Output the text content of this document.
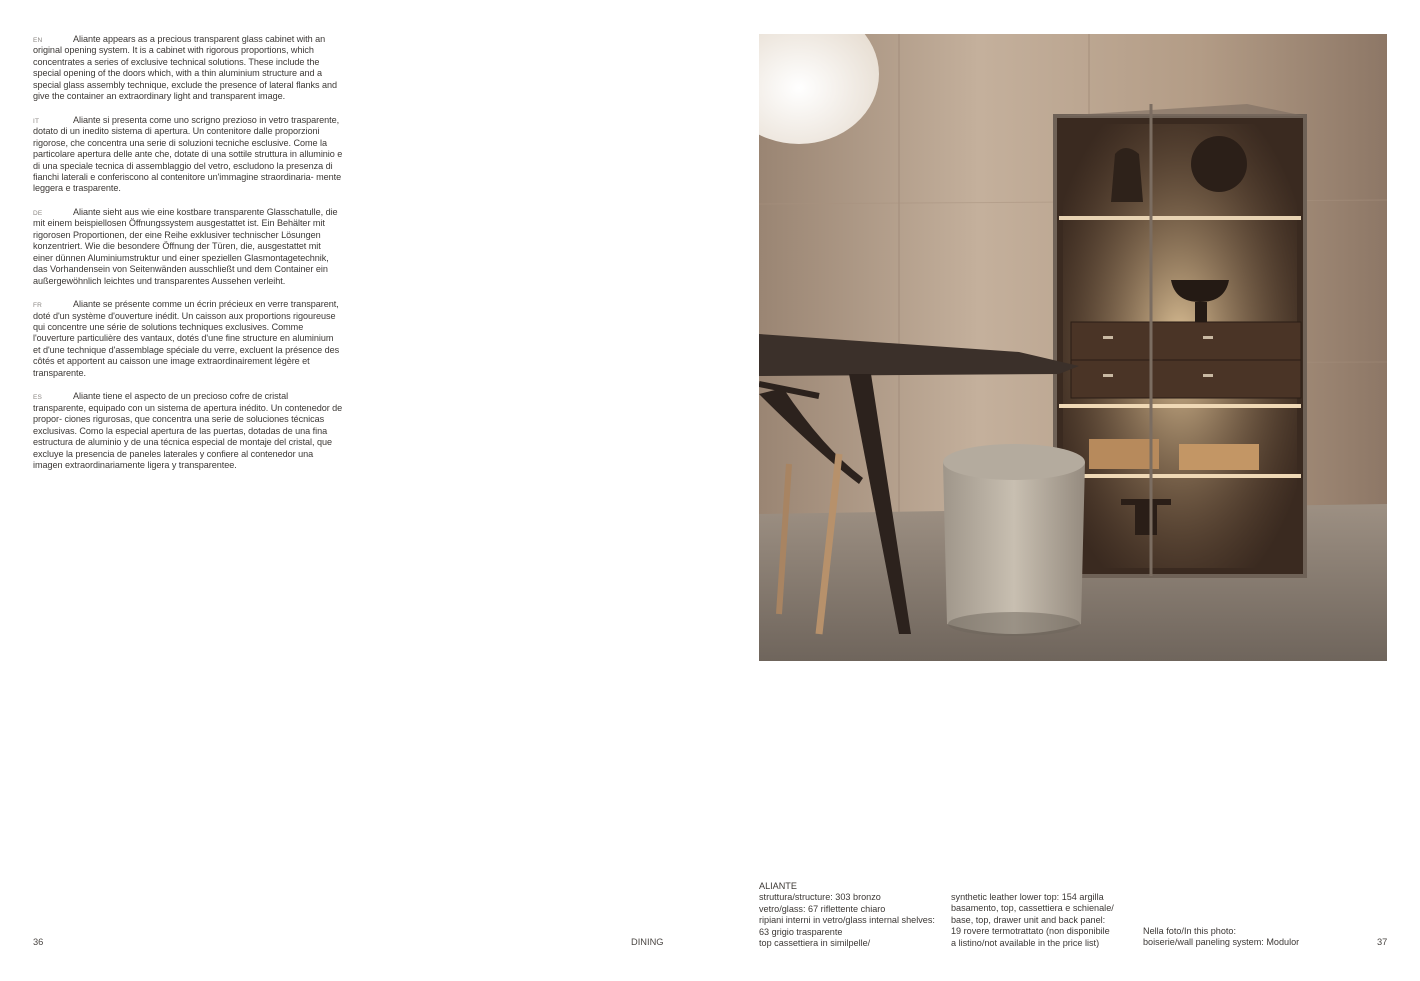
EN	Aliante appears as a precious transparent glass cabinet with an original opening system. It is a cabinet with rigorous proportions, which concentrates a series of exclusive technical solutions. These include the special opening of the doors which, with a thin aluminium structure and a special glass assembly technique, exclude the presence of lateral flanks and give the container an extraordinary light and transparent image.

IT	Aliante si presenta come uno scrigno prezioso in vetro trasparente, dotato di un inedito sistema di apertura. Un contenitore dalle proporzioni rigorose, che concentra una serie di soluzioni tecniche esclusive. Come la particolare apertura delle ante che, dotate di una sottile struttura in alluminio e di una speciale tecnica di assemblaggio del vetro, escludono la presenza di fianchi laterali e conferiscono al contenitore un'immagine straordinaria- mente leggera e trasparente.

DE	Aliante sieht aus wie eine kostbare transparente Glasschatulle, die mit einem beispiellosen Öffnungssystem ausgestattet ist. Ein Behälter mit rigorosen Proportionen, der eine Reihe exklusiver technischer Lösungen konzentriert. Wie die besondere Öffnung der Türen, die, ausgestattet mit einer dünnen Aluminiumstruktur und einer speziellen Glasmontagetechnik, das Vorhandensein von Seitenwänden ausschließt und dem Container ein außergewöhnlich leichtes und transparentes Aussehen verleiht.

FR	Aliante se présente comme un écrin précieux en verre transparent, doté d'un système d'ouverture inédit. Un caisson aux proportions rigoureuse qui concentre une série de solutions techniques exclusives. Comme l'ouverture particulière des vantaux, dotés d'une fine structure en aluminium et d'une technique d'assemblage spéciale du verre, excluent la présence des côtés et apportent au caisson une image extraordinairement légère et transparente.

ES	Aliante tiene el aspecto de un precioso cofre de cristal transparente, equipado con un sistema de apertura inédito. Un contenedor de propor- ciones rigurosas, que concentra una serie de soluciones técnicas exclusivas. Como la especial apertura de las puertas, dotadas de una fina estructura de aluminio y de una técnica especial de montaje del cristal, que excluye la presencia de paneles laterales y confiere al contenedor una imagen extraordinariamente ligera y transparentee.

36	DINING	37
ALIANTE
struttura/structure: 303 bronzo
vetro/glass: 67 riflettente chiaro
ripiani interni in vetro/glass internal shelves:
63 grigio trasparente
top cassettiera in similpelle/
synthetic leather lower top: 154 argilla
basamento, top, cassettiera e schienale/
base, top, drawer unit and back panel:
19 rovere termotrattato (non disponibile
a listino/not available in the price list)
Nella foto/In this photo:
boiserie/wall paneling system: Modulor
